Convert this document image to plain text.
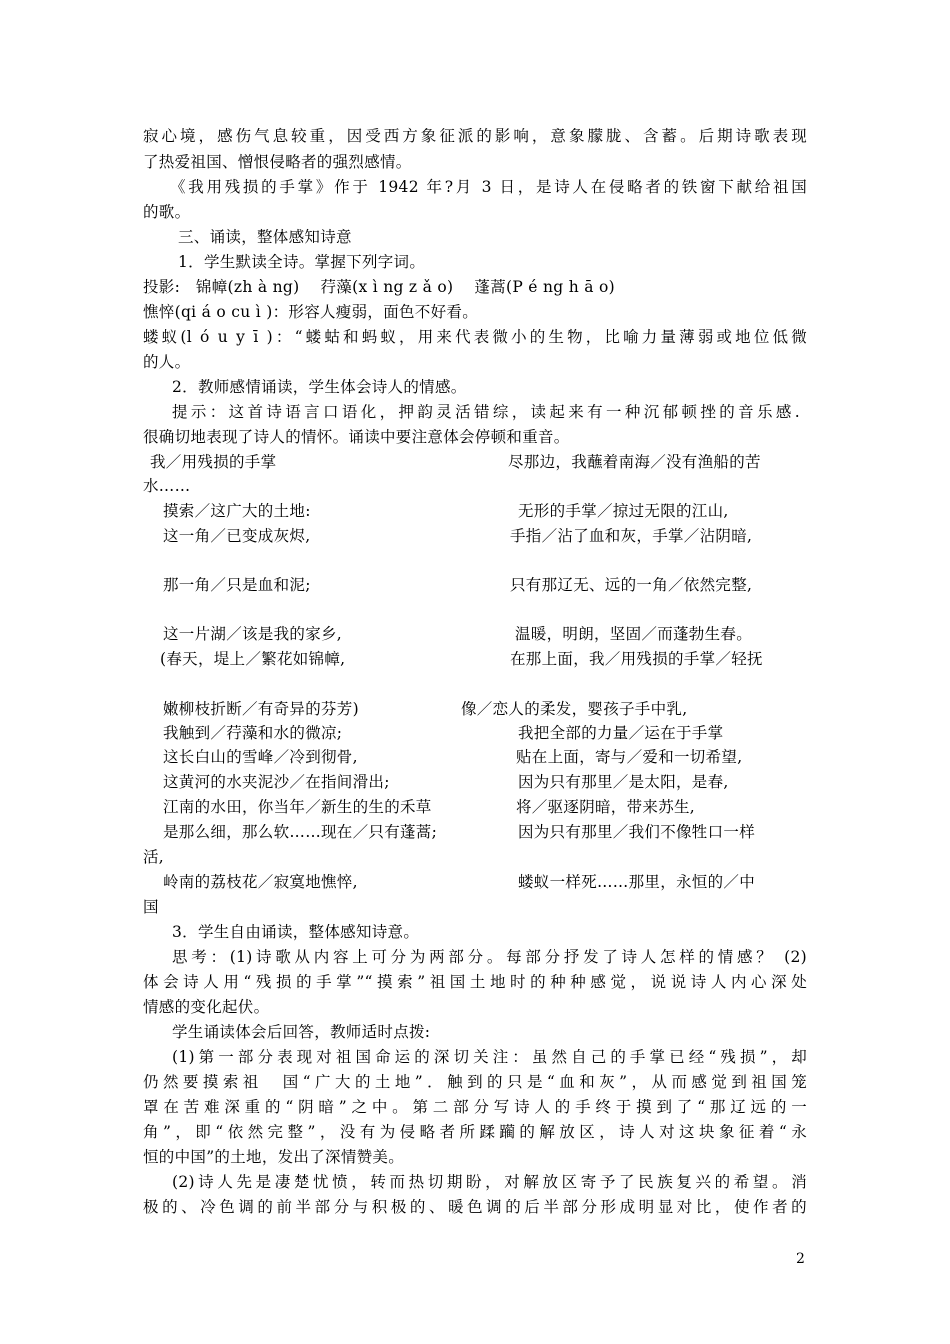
寂心境，感伤气息较重，因受西方象征派的影响，意象朦胧、含蓄。后期诗歌表现
了热爱祖国、憎恨侵略者的强烈感情。
《我用残损的手掌》作于 1942 年?月 3 日，是诗人在侵略者的铁窗下献给祖国
的歌。
三、诵读，整体感知诗意
1．学生默读全诗。掌握下列字词。
投影:　锦幛(zh à ng)　 荇藻(x ì ng z ǎ o)　 蓬蒿(P é ng h ā o)
憔悴(qi á o cu ì )：形容人瘦弱，面色不好看。
蝼蚁(l ó u y ī )：“蝼蛄和蚂蚁，用来代表微小的生物，比喻力量薄弱或地位低微
的人。
2．教师感情诵读，学生体会诗人的情感。
提示：这首诗语言口语化，押韵灵活错综，读起来有一种沉郁顿挫的音乐感.
很确切地表现了诗人的情怀。诵读中要注意体会停顿和重音。
我／用残损的手掌
水……
摸索／这广大的土地:
这一角／已变成灰烬,
那一角／只是血和泥;
这一片湖／该是我的家乡,
(春天，堤上／繁花如锦幛,
嫩柳枝折断／有奇异的芬芳)
我触到／荇藻和水的微凉;
这长白山的雪峰／冷到彻骨,
这黄河的水夹泥沙／在指间滑出;
江南的水田，你当年／新生的生的禾草
是那么细，那么软……现在／只有蓬蒿;
活,
岭南的荔枝花／寂寞地憔悴,
国
尽那边，我蘸着南海／没有渔船的苦
无形的手掌／掠过无限的江山,
手指／沾了血和灰，手掌／沾阴暗,
只有那辽无、远的一角／依然完整,
温暖，明朗，坚固／而蓬勃生春。
在那上面，我／用残损的手掌／轻抚
像／恋人的柔发，婴孩子手中乳,
我把全部的力量／运在于手掌
贴在上面，寄与／爱和一切希望,
因为只有那里／是太阳，是春,
将／驱逐阴暗，带来苏生,
因为只有那里／我们不像牲口一样
蝼蚁一样死……那里，永恒的／中
3．学生自由诵读，整体感知诗意。
思考：(1)诗歌从内容上可分为两部分。每部分抒发了诗人怎样的情感？ (2)
体会诗人用“残损的手掌”“摸索”祖国土地时的种种感觉，说说诗人内心深处
情感的变化起伏。
学生诵读体会后回答，教师适时点拨:
(1)第一部分表现对祖国命运的深切关注：虽然自己的手掌已经“残损”，却
仍然要摸索祖　国“广大的土地”．触到的只是“血和灰”，从而感觉到祖国笼
罩在苦难深重的“阴暗”之中。第二部分写诗人的手终于摸到了“那辽远的一
角”，即“依然完整”，没有为侵略者所蹂躏的解放区，诗人对这块象征着“永
恒的中国”的土地，发出了深情赞美。
(2)诗人先是凄楚忧愤，转而热切期盼，对解放区寄予了民族复兴的希望。消
极的、冷色调的前半部分与积极的、暖色调的后半部分形成明显对比，使作者的
2
